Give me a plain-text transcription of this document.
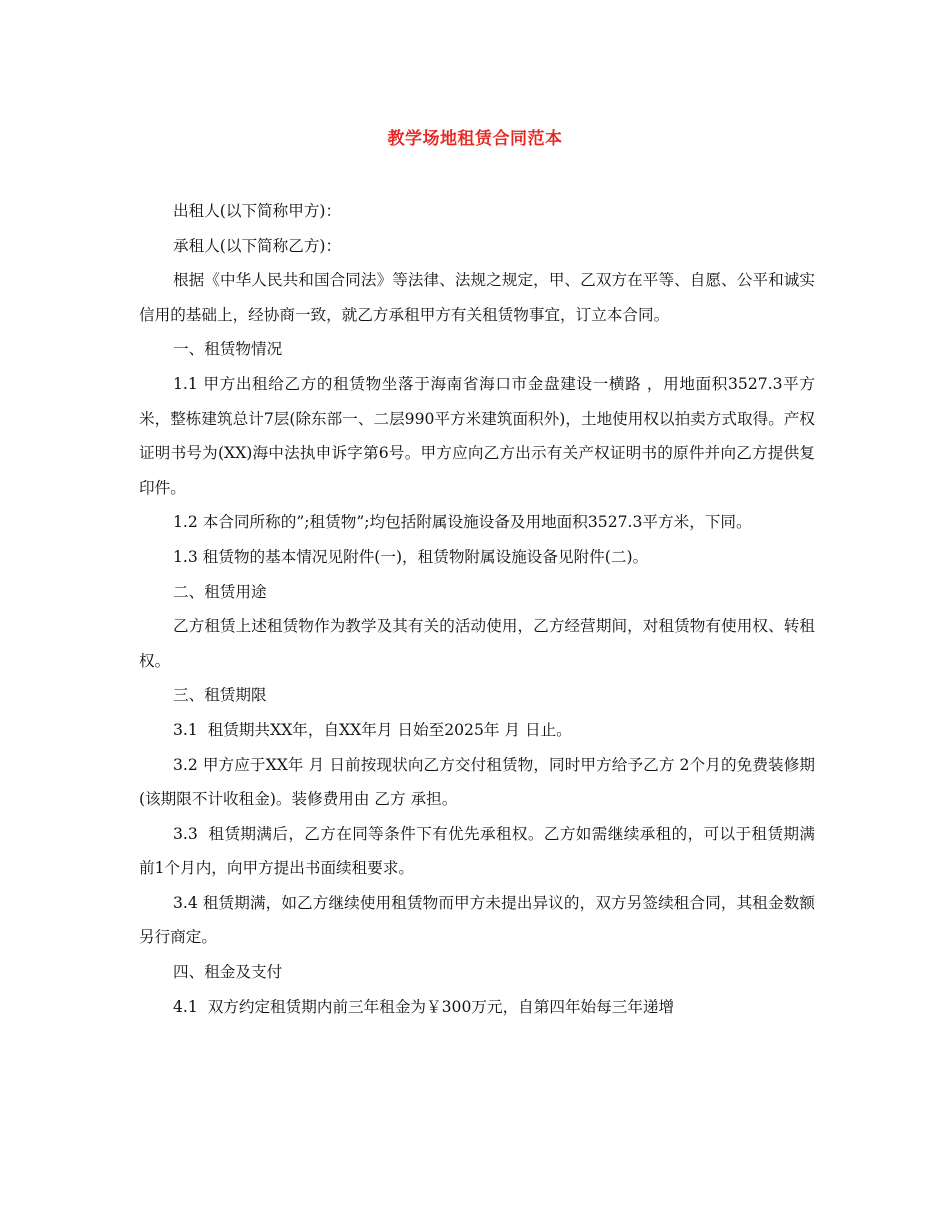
教学场地租赁合同范本

出租人(以下简称甲方)：

承租人(以下简称乙方)：

根据《中华人民共和国合同法》等法律、法规之规定，甲、乙双方在平等、自愿、公平和诚实信用的基础上，经协商一致，就乙方承租甲方有关租赁物事宜，订立本合同。

一、租赁物情况

1.1 甲方出租给乙方的租赁物坐落于海南省海口市金盘建设一横路 ，用地面积3527.3平方米，整栋建筑总计7层(除东部一、二层990平方米建筑面积外)，土地使用权以拍卖方式取得。产权证明书号为(XX)海中法执申诉字第6号。甲方应向乙方出示有关产权证明书的原件并向乙方提供复印件。

1.2 本合同所称的”;租赁物”;均包括附属设施设备及用地面积3527.3平方米，下同。

1.3 租赁物的基本情况见附件(一)，租赁物附属设施设备见附件(二)。

二、租赁用途

乙方租赁上述租赁物作为教学及其有关的活动使用，乙方经营期间，对租赁物有使用权、转租权。

三、租赁期限

3.1  租赁期共XX年，自XX年月 日始至2025年 月 日止。

3.2 甲方应于XX年 月 日前按现状向乙方交付租赁物，同时甲方给予乙方 2个月的免费装修期(该期限不计收租金)。装修费用由 乙方 承担。

3.3  租赁期满后，乙方在同等条件下有优先承租权。乙方如需继续承租的，可以于租赁期满前1个月内，向甲方提出书面续租要求。

3.4 租赁期满，如乙方继续使用租赁物而甲方未提出异议的，双方另签续租合同，其租金数额另行商定。

四、租金及支付

4.1  双方约定租赁期内前三年租金为￥300万元，自第四年始每三年递增
